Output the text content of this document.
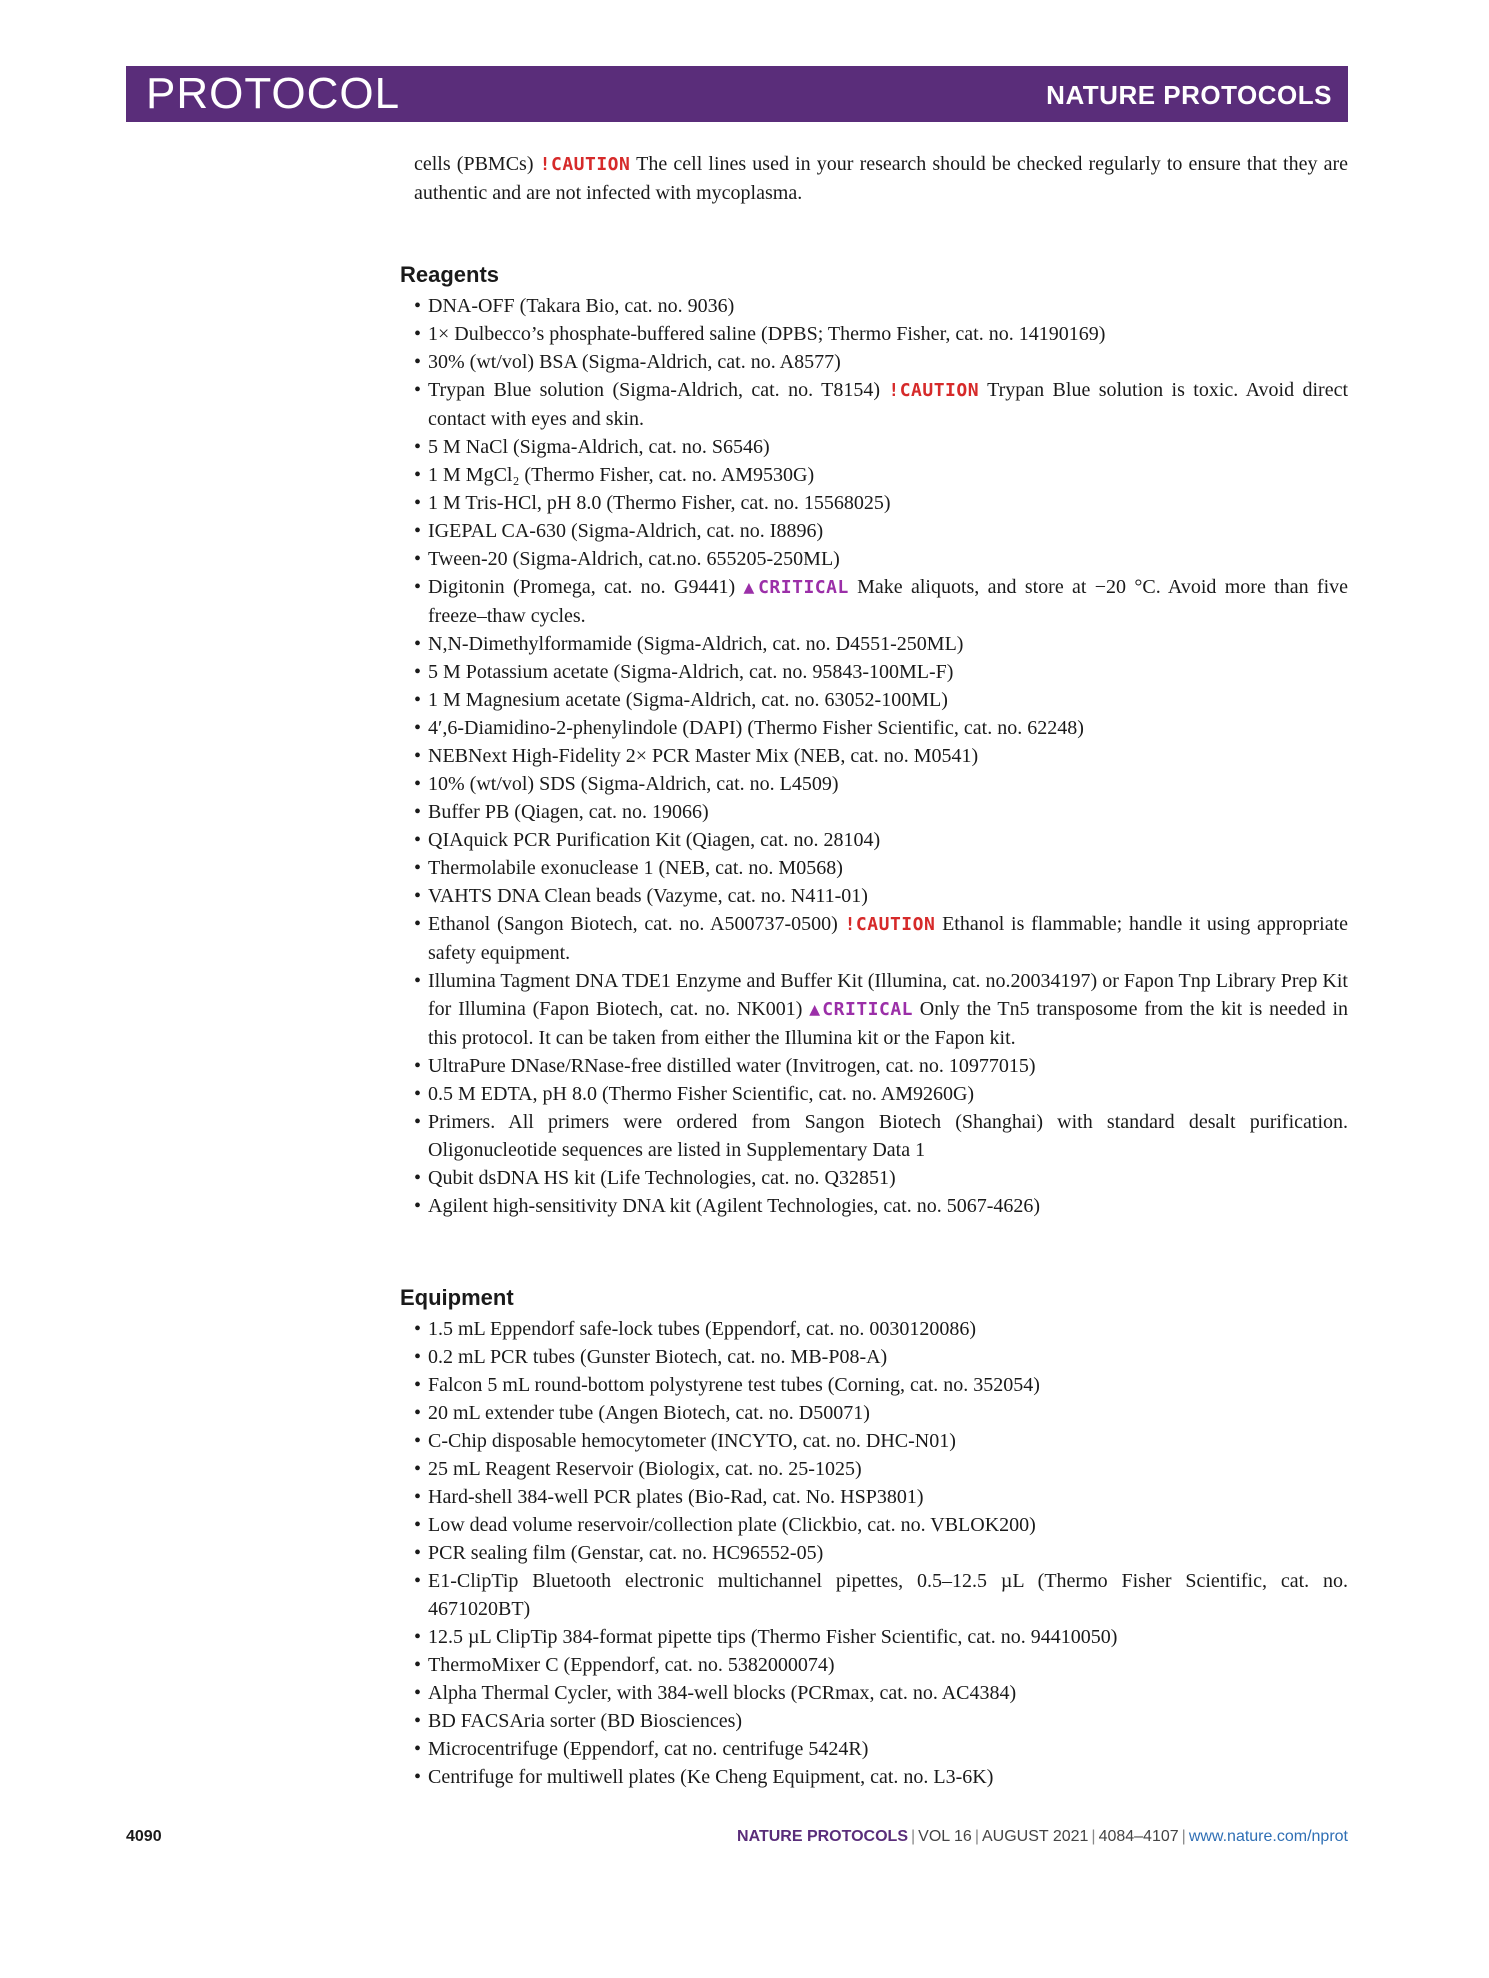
PROTOCOL	NATURE PROTOCOLS
cells (PBMCs) !CAUTION The cell lines used in your research should be checked regularly to ensure that they are authentic and are not infected with mycoplasma.
Reagents
• DNA-OFF (Takara Bio, cat. no. 9036)
• 1× Dulbecco’s phosphate-buffered saline (DPBS; Thermo Fisher, cat. no. 14190169)
• 30% (wt/vol) BSA (Sigma-Aldrich, cat. no. A8577)
• Trypan Blue solution (Sigma-Aldrich, cat. no. T8154) !CAUTION Trypan Blue solution is toxic. Avoid direct contact with eyes and skin.
• 5 M NaCl (Sigma-Aldrich, cat. no. S6546)
• 1 M MgCl₂ (Thermo Fisher, cat. no. AM9530G)
• 1 M Tris-HCl, pH 8.0 (Thermo Fisher, cat. no. 15568025)
• IGEPAL CA-630 (Sigma-Aldrich, cat. no. I8896)
• Tween-20 (Sigma-Aldrich, cat.no. 655205-250ML)
• Digitonin (Promega, cat. no. G9441) ▲CRITICAL Make aliquots, and store at −20 °C. Avoid more than five freeze–thaw cycles.
• N,N-Dimethylformamide (Sigma-Aldrich, cat. no. D4551-250ML)
• 5 M Potassium acetate (Sigma-Aldrich, cat. no. 95843-100ML-F)
• 1 M Magnesium acetate (Sigma-Aldrich, cat. no. 63052-100ML)
• 4′,6-Diamidino-2-phenylindole (DAPI) (Thermo Fisher Scientific, cat. no. 62248)
• NEBNext High-Fidelity 2× PCR Master Mix (NEB, cat. no. M0541)
• 10% (wt/vol) SDS (Sigma-Aldrich, cat. no. L4509)
• Buffer PB (Qiagen, cat. no. 19066)
• QIAquick PCR Purification Kit (Qiagen, cat. no. 28104)
• Thermolabile exonuclease 1 (NEB, cat. no. M0568)
• VAHTS DNA Clean beads (Vazyme, cat. no. N411-01)
• Ethanol (Sangon Biotech, cat. no. A500737-0500) !CAUTION Ethanol is flammable; handle it using appropriate safety equipment.
• Illumina Tagment DNA TDE1 Enzyme and Buffer Kit (Illumina, cat. no.20034197) or Fapon Tnp Library Prep Kit for Illumina (Fapon Biotech, cat. no. NK001) ▲CRITICAL Only the Tn5 transposome from the kit is needed in this protocol. It can be taken from either the Illumina kit or the Fapon kit.
• UltraPure DNase/RNase-free distilled water (Invitrogen, cat. no. 10977015)
• 0.5 M EDTA, pH 8.0 (Thermo Fisher Scientific, cat. no. AM9260G)
• Primers. All primers were ordered from Sangon Biotech (Shanghai) with standard desalt purification. Oligonucleotide sequences are listed in Supplementary Data 1
• Qubit dsDNA HS kit (Life Technologies, cat. no. Q32851)
• Agilent high-sensitivity DNA kit (Agilent Technologies, cat. no. 5067-4626)
Equipment
• 1.5 mL Eppendorf safe-lock tubes (Eppendorf, cat. no. 0030120086)
• 0.2 mL PCR tubes (Gunster Biotech, cat. no. MB-P08-A)
• Falcon 5 mL round-bottom polystyrene test tubes (Corning, cat. no. 352054)
• 20 mL extender tube (Angen Biotech, cat. no. D50071)
• C-Chip disposable hemocytometer (INCYTO, cat. no. DHC-N01)
• 25 mL Reagent Reservoir (Biologix, cat. no. 25-1025)
• Hard-shell 384-well PCR plates (Bio-Rad, cat. No. HSP3801)
• Low dead volume reservoir/collection plate (Clickbio, cat. no. VBLOK200)
• PCR sealing film (Genstar, cat. no. HC96552-05)
• E1-ClipTip Bluetooth electronic multichannel pipettes, 0.5–12.5 µL (Thermo Fisher Scientific, cat. no. 4671020BT)
• 12.5 µL ClipTip 384-format pipette tips (Thermo Fisher Scientific, cat. no. 94410050)
• ThermoMixer C (Eppendorf, cat. no. 5382000074)
• Alpha Thermal Cycler, with 384-well blocks (PCRmax, cat. no. AC4384)
• BD FACSAria sorter (BD Biosciences)
• Microcentrifuge (Eppendorf, cat no. centrifuge 5424R)
• Centrifuge for multiwell plates (Ke Cheng Equipment, cat. no. L3-6K)
4090	NATURE PROTOCOLS | VOL 16 | AUGUST 2021 | 4084–4107 | www.nature.com/nprot
